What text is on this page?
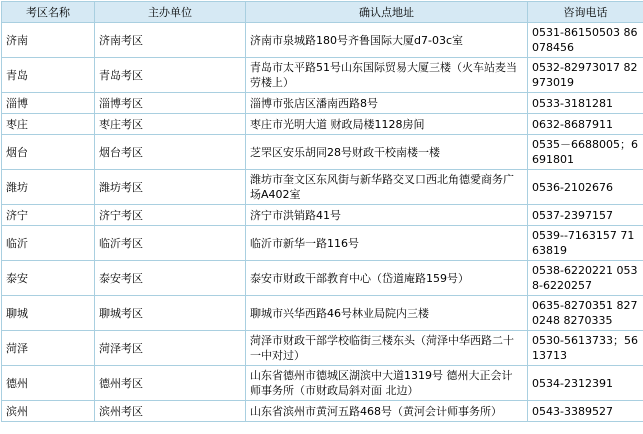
考区名称	主办单位	确认点地址	咨询电话
济南	济南考区	济南市泉城路180号齐鲁国际大厦d7-03c室	0531-86150503 86078456
青岛	青岛考区	青岛市太平路51号山东国际贸易大厦三楼（火车站麦当劳楼上）	0532-82973017 82973019
淄博	淄博考区	淄博市张店区潘南西路8号	0533-3181281
枣庄	枣庄考区	枣庄市光明大道 财政局楼1128房间	0632-8687911
烟台	烟台考区	芝罘区安乐胡同28号财政干校南楼一楼	0535－6688005；6691801
潍坊	潍坊考区	潍坊市奎文区东风街与新华路交叉口西北角德愛商务广场A402室	0536-2102676
济宁	济宁考区	济宁市洪销路41号	0537-2397157
临沂	临沂考区	临沂市新华一路116号	0539--7163157 7163819
泰安	泰安考区	泰安市财政干部教育中心（岱道庵路159号）	0538-6220221 0538-6220257
聊城	聊城考区	聊城市兴华西路46号林业局院内三楼	0635-8270351 8270248 8270335
菏泽	菏泽考区	菏泽市财政干部学校临街三楼东头（菏泽中华西路二十一中对过）	0530-5613733；5613713
德州	德州考区	山东省德州市德城区湖滨中大道1319号 德州大正会计师事务所（市财政局斜对面 北边）	0534-2312391
滨州	滨州考区	山东省滨州市黄河五路468号（黄河会计师事务所）	0543-3389527
